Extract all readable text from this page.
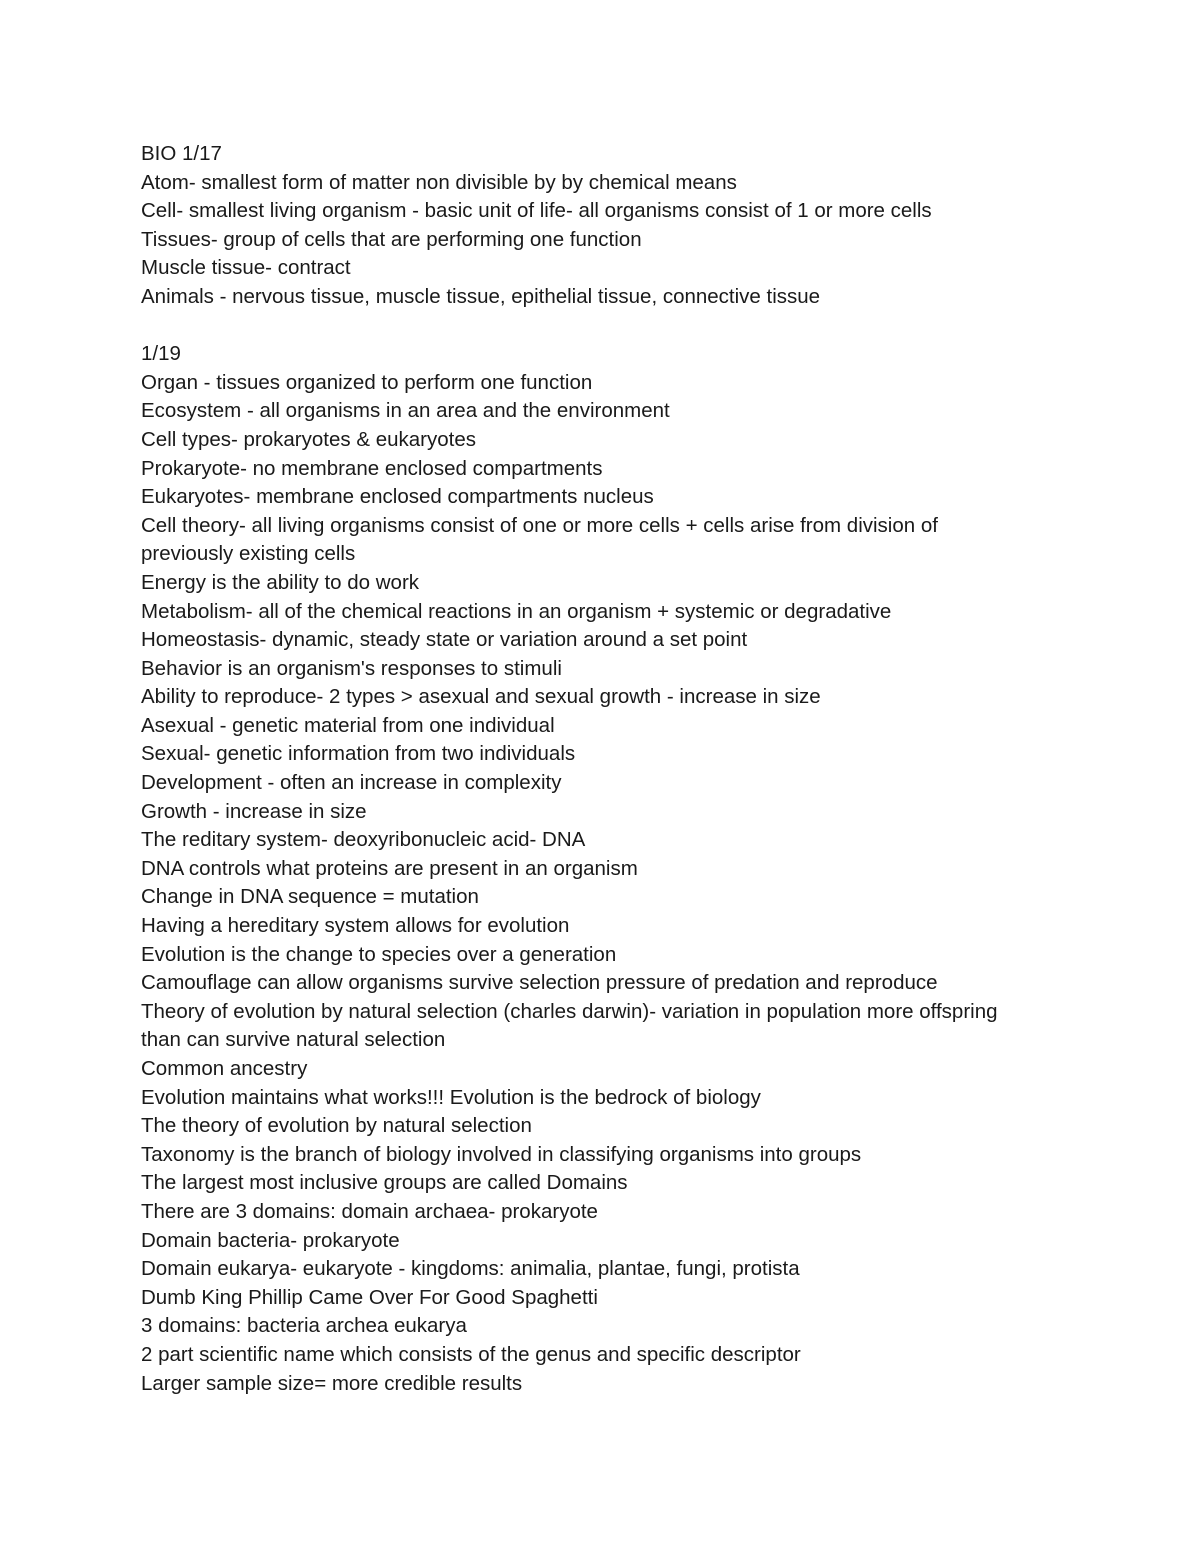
BIO 1/17
Atom- smallest form of matter non divisible by by chemical means
Cell- smallest living organism - basic unit of life- all organisms consist of 1 or more cells
Tissues- group of cells that are performing one function
Muscle tissue- contract
Animals - nervous tissue, muscle tissue, epithelial tissue, connective tissue
1/19
Organ - tissues organized to perform one function
Ecosystem - all organisms in an area and the environment
Cell types- prokaryotes & eukaryotes
Prokaryote- no membrane enclosed compartments
Eukaryotes- membrane enclosed compartments nucleus
Cell theory- all living organisms consist of one or more cells + cells arise from division of
previously existing cells
Energy is the ability to do work
Metabolism- all of the chemical reactions in an organism + systemic or degradative
Homeostasis- dynamic, steady state or variation around a set point
Behavior is an organism's responses to stimuli
Ability to reproduce- 2 types > asexual and sexual growth - increase in size
Asexual - genetic material from one individual
Sexual- genetic information from two individuals
Development - often an increase in complexity
Growth - increase in size
The reditary system- deoxyribonucleic acid- DNA
DNA controls what proteins are present in an organism
Change in DNA sequence = mutation
Having a hereditary system allows for evolution
Evolution is the change to species over a generation
Camouflage can allow organisms survive selection pressure of predation and reproduce
Theory of evolution by natural selection (charles darwin)- variation in population more offspring
than can survive natural selection
Common ancestry
Evolution maintains what works!!! Evolution is the bedrock of biology
The theory of evolution by natural selection
Taxonomy is the branch of biology involved in classifying organisms into groups
The largest most inclusive groups are called Domains
There are 3 domains: domain archaea- prokaryote
Domain bacteria- prokaryote
Domain eukarya- eukaryote - kingdoms: animalia, plantae, fungi, protista
Dumb King Phillip Came Over For Good Spaghetti
3 domains: bacteria archea eukarya
2 part scientific name which consists of the genus and specific descriptor
Larger sample size= more credible results
